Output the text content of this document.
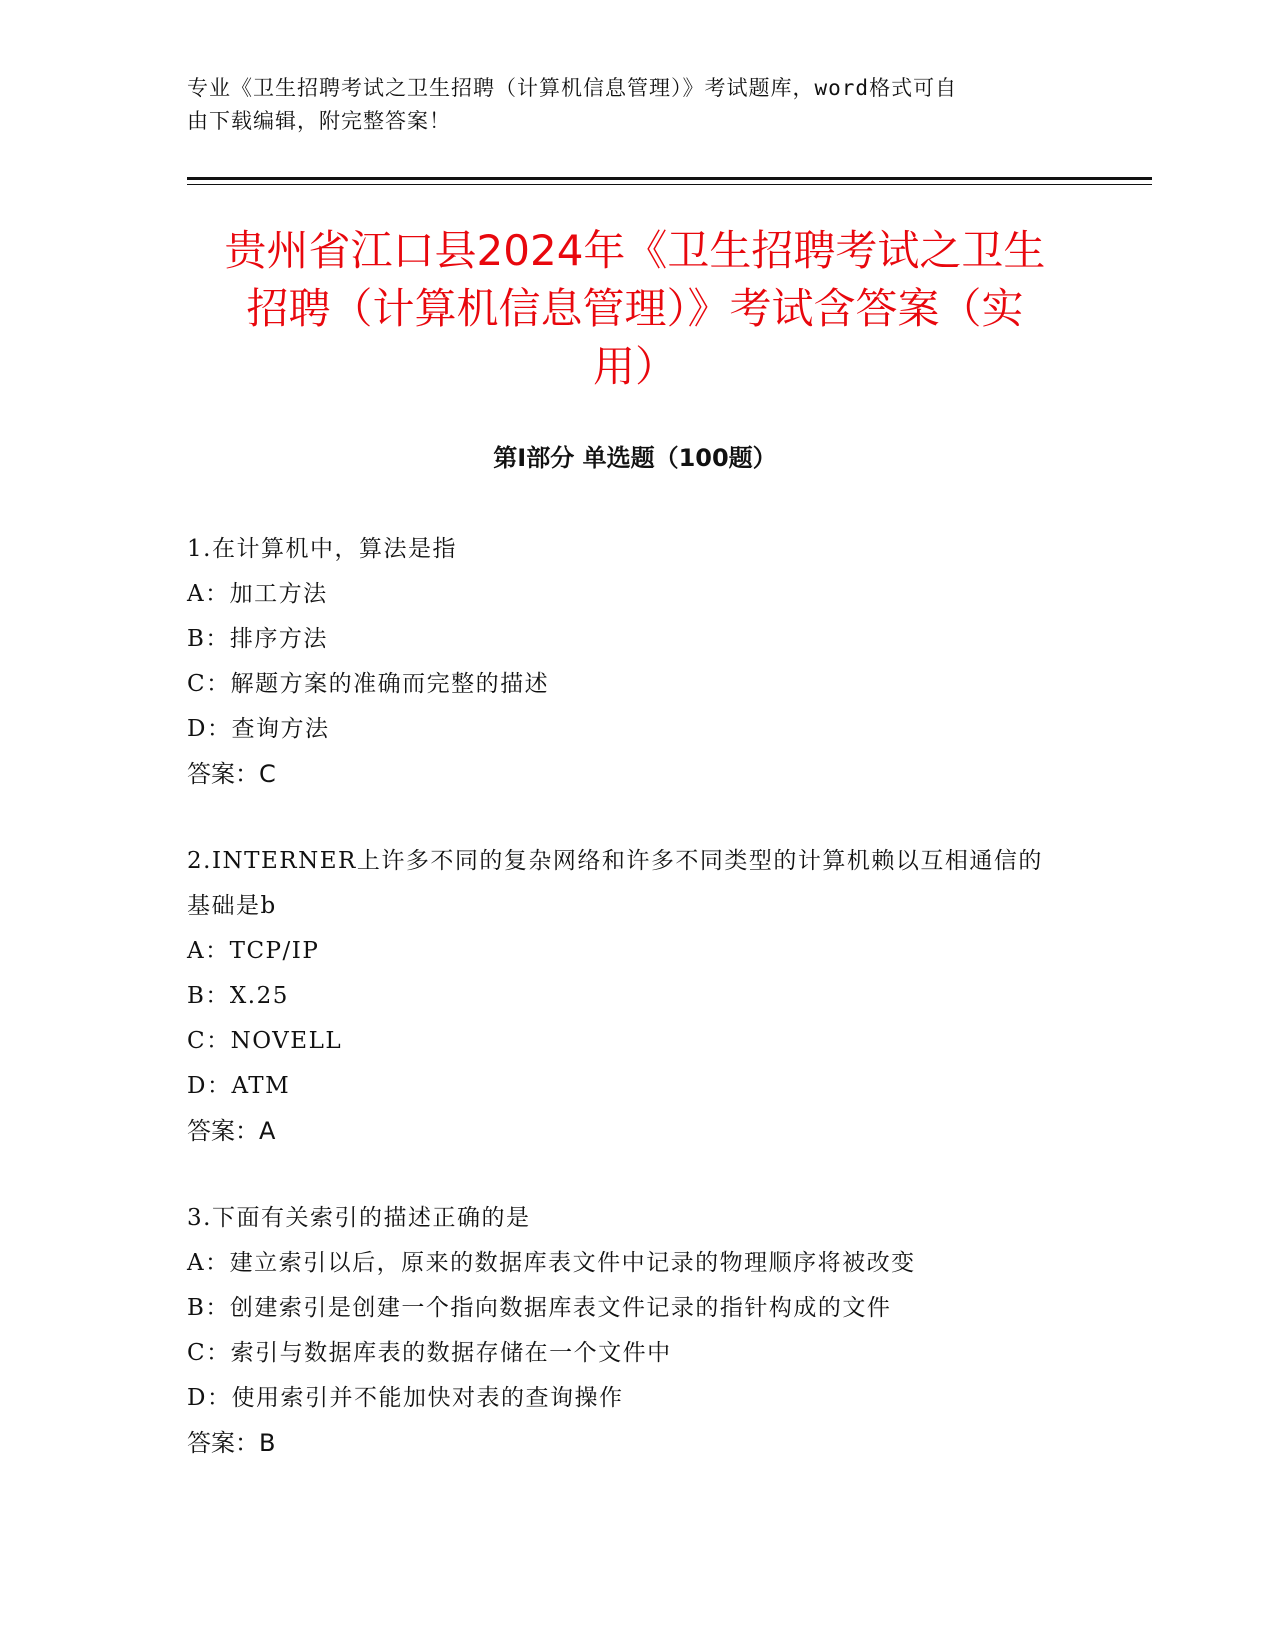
专业《卫生招聘考试之卫生招聘（计算机信息管理）》考试题库，word格式可自
由下载编辑，附完整答案！
贵州省江口县2024年《卫生招聘考试之卫生
招聘（计算机信息管理）》考试含答案（实
用）
第Ⅰ部分 单选题（100题）
1.在计算机中，算法是指
A：加工方法
B：排序方法
C：解题方案的准确而完整的描述
D：查询方法
答案：C
2.INTERNER上许多不同的复杂网络和许多不同类型的计算机赖以互相通信的基础是b
A：TCP/IP
B：X.25
C：NOVELL
D：ATM
答案：A
3.下面有关索引的描述正确的是
A：建立索引以后，原来的数据库表文件中记录的物理顺序将被改变
B：创建索引是创建一个指向数据库表文件记录的指针构成的文件
C：索引与数据库表的数据存储在一个文件中
D：使用索引并不能加快对表的查询操作
答案：B
